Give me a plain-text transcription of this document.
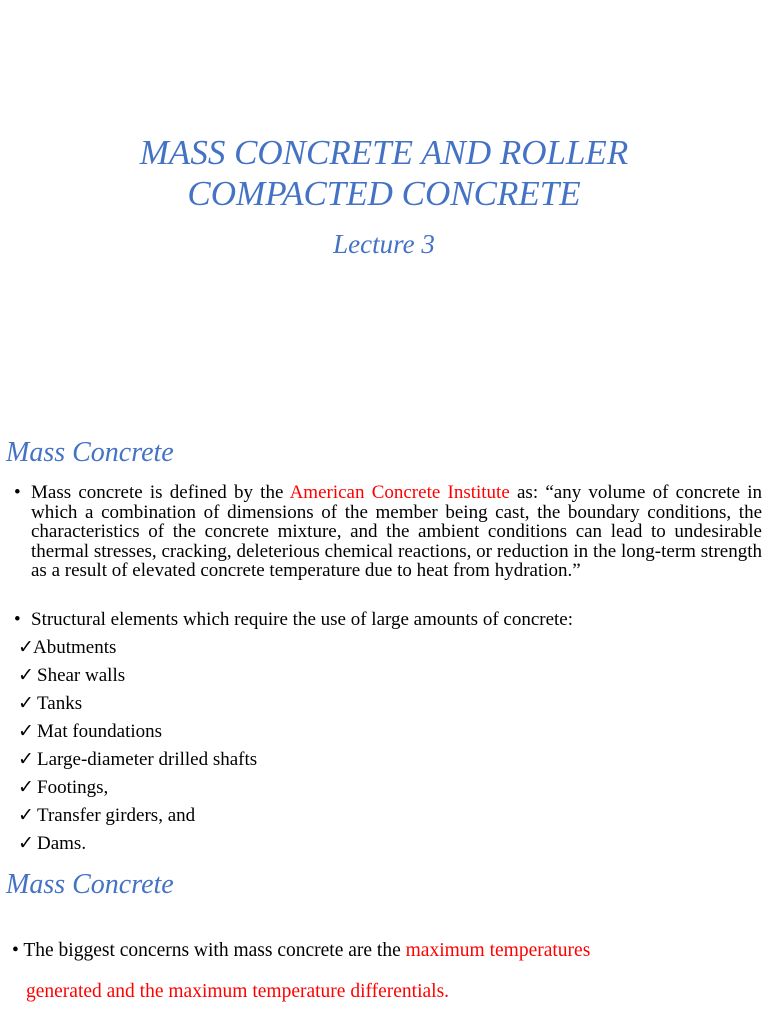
MASS CONCRETE AND ROLLER
COMPACTED CONCRETE
Lecture 3
Mass Concrete
• Mass concrete is defined by the American Concrete Institute as: “any volume of concrete in which a combination of dimensions of the member being cast, the boundary conditions, the characteristics of the concrete mixture, and the ambient conditions can lead to undesirable thermal stresses, cracking, deleterious chemical reactions, or reduction in the long-term strength as a result of elevated concrete temperature due to heat from hydration.”
• Structural elements which require the use of large amounts of concrete:
✓Abutments
✓ Shear walls
✓ Tanks
✓ Mat foundations
✓ Large-diameter drilled shafts
✓ Footings,
✓ Transfer girders, and
✓ Dams.
Mass Concrete
• The biggest concerns with mass concrete are the maximum temperatures
generated and the maximum temperature differentials.
